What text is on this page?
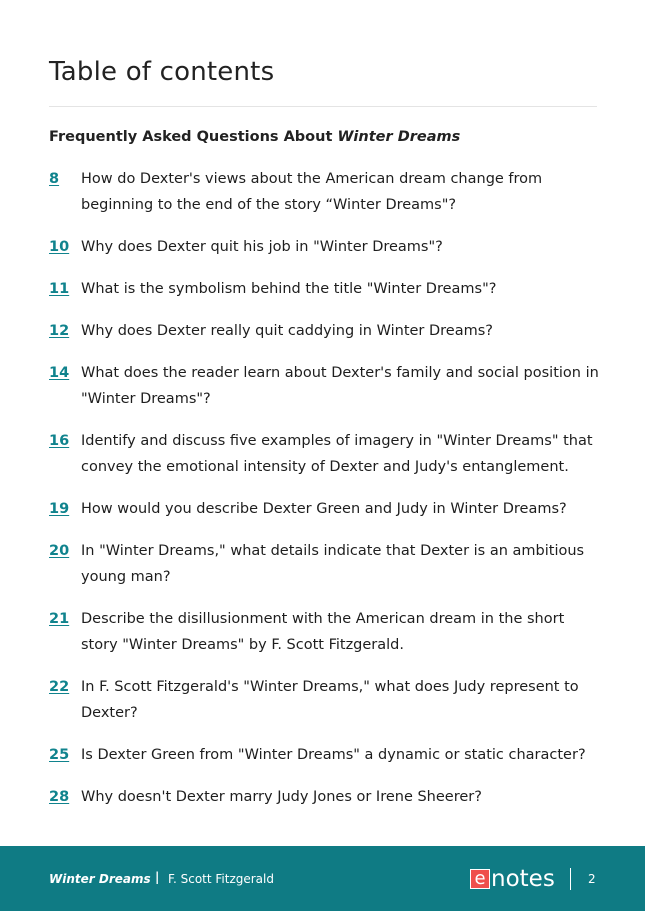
Table of contents
Frequently Asked Questions About Winter Dreams
8	How do Dexter's views about the American dream change from beginning to the end of the story “Winter Dreams"?
10 Why does Dexter quit his job in "Winter Dreams"?
11 What is the symbolism behind the title "Winter Dreams"?
12 Why does Dexter really quit caddying in Winter Dreams?
14 What does the reader learn about Dexter's family and social position in "Winter Dreams"?
16 Identify and discuss five examples of imagery in "Winter Dreams" that convey the emotional intensity of Dexter and Judy's entanglement.
19 How would you describe Dexter Green and Judy in Winter Dreams?
20 In "Winter Dreams," what details indicate that Dexter is an ambitious young man?
21 Describe the disillusionment with the American dream in the short story "Winter Dreams" by F. Scott Fitzgerald.
22 In F. Scott Fitzgerald's "Winter Dreams," what does Judy represent to Dexter?
25 Is Dexter Green from "Winter Dreams" a dynamic or static character?
28 Why doesn't Dexter marry Judy Jones or Irene Sheerer?
Winter Dreams | F. Scott Fitzgerald	e notes	2
